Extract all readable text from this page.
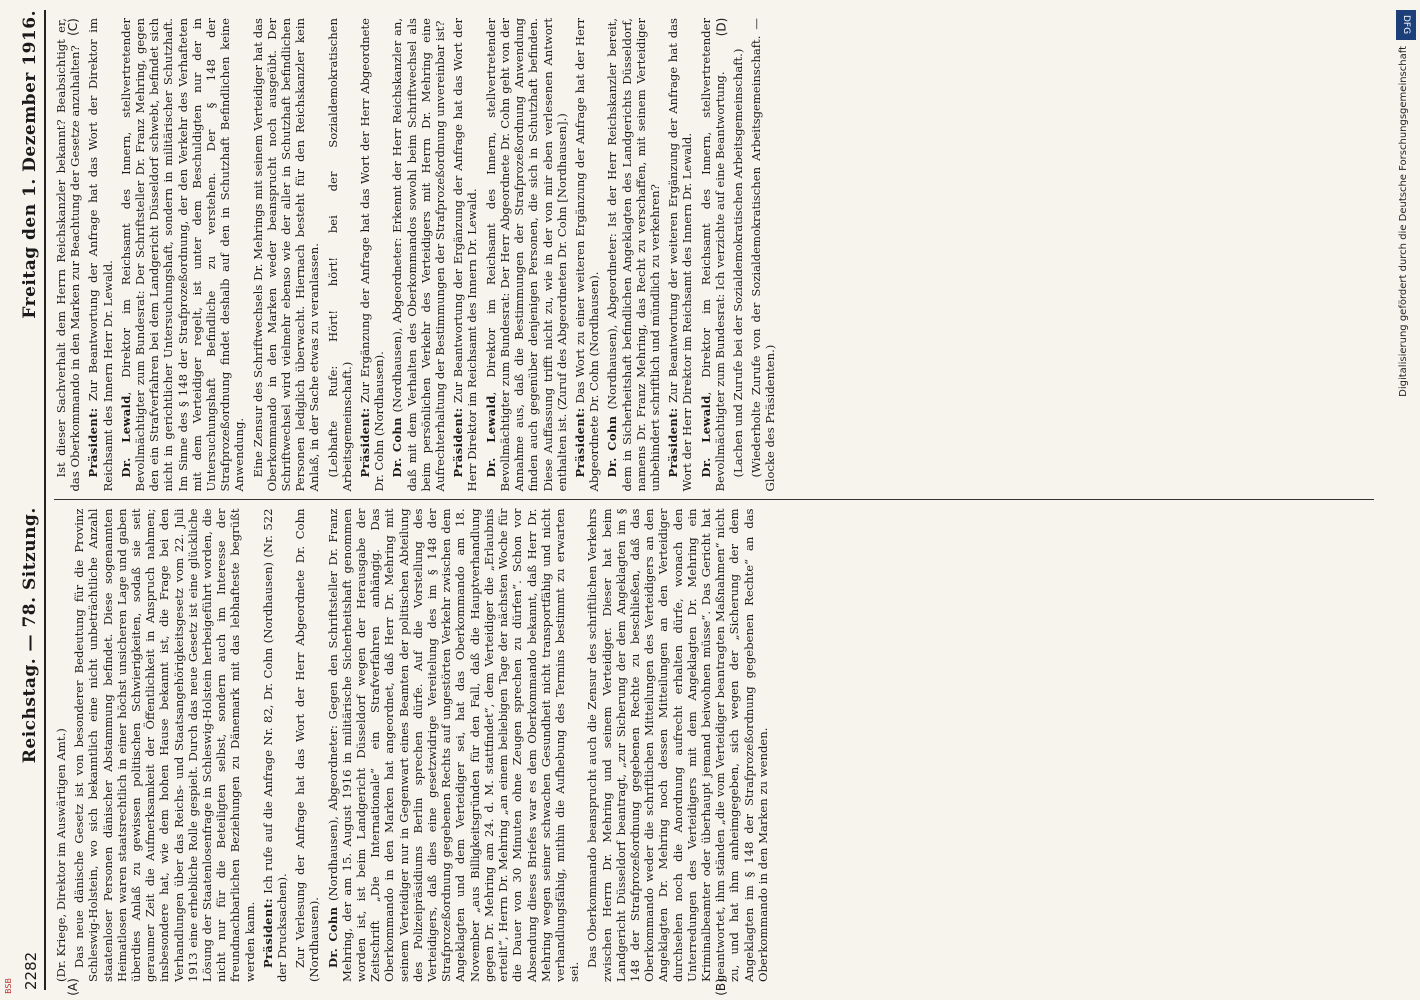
2282
Reichstag. — 78. Sitzung.
Freitag den 1. Dezember 1916.

(Dr. Kriege, Direktor im Auswärtigen Amt.) Das neue dänische Gesetz ist von besonderer Bedeutung für die Provinz Schleswig-Holstein, wo sich bekanntlich eine nicht unbeträchtliche Anzahl staatenloser Personen dänischer Abstammung befindet. Diese sogenannten Heimatlosen waren staatsrechtlich in einer höchst unsicheren Lage und gaben überdies Anlaß zu gewissen politischen Schwierigkeiten, sodaß sie seit geraumer Zeit die Aufmerksamkeit der Öffentlichkeit in Anspruch nahmen; insbesondere hat, wie dem hohen Hause bekannt ist, die Frage bei den Verhandlungen über das Reichs- und Staatsangehörigkeitsgesetz vom 22. Juli 1913 eine erhebliche Rolle gespielt. Durch das neue Gesetz ist eine glückliche Lösung der Staatenlosenfrage in Schleswig-Holstein herbeigeführt worden, die nicht nur für die Beteiligten selbst, sondern auch im Interesse der freundnachbarlichen Beziehungen zu Dänemark mit das lebhafteste begrüßt werden kann. Präsident: Ich rufe auf die Anfrage Nr. 82, Dr. Cohn (Nordhausen) (Nr. 522 der Drucksachen). Zur Verlesung der Anfrage hat das Wort der Herr Abgeordnete Dr. Cohn (Nordhausen). Dr. Cohn (Nordhausen), Abgeordneter: Gegen den Schriftsteller Dr. Franz Mehring, der am 15. August 1916 in militärische Sicherheitshaft genommen worden ist, ist beim Landgericht Düsseldorf wegen der Herausgabe der Zeitschrift „Die Internationale“ ein Strafverfahren anhängig. Das Oberkommando in den Marken hat angeordnet, daß Herr Dr. Mehring mit seinem Verteidiger nur in Gegenwart eines Beamten der politischen Abteilung des Polizeipräsidiums Berlin sprechen dürfe. Auf die Vorstellung des Verteidigers, daß dies eine gesetzwidrige Vereitelung des im § 148 der Strafprozeßordnung gegebenen Rechts auf ungestörten Verkehr zwischen dem Angeklagten und dem Verteidiger sei, hat das Oberkommando am 18. November „aus Billigkeitsgründen für den Fall, daß die Hauptverhandlung gegen Dr. Mehring am 24. d. M. stattfindet“, dem Verteidiger die „Erlaubnis erteilt“, Herrn Dr. Mehring „an einem beliebigen Tage der nächsten Woche für die Dauer von 30 Minuten ohne Zeugen sprechen zu dürfen“. Schon vor Absendung dieses Briefes war es dem Oberkommando bekannt, daß Herr Dr. Mehring wegen seiner schwachen Gesundheit nicht transportfähig und nicht verhandlungsfähig, mithin die Aufhebung des Termins bestimmt zu erwarten sei.

Das Oberkommando beansprucht auch die Zensur des schriftlichen Verkehrs zwischen Herrn Dr. Mehring und seinem Verteidiger. Dieser hat beim Landgericht Düsseldorf beantragt, „zur Sicherung der dem Angeklagten im § 148 der Strafprozeßordnung gegebenen Rechte zu beschließen, daß das Oberkommando weder die schriftlichen Mitteilungen des Verteidigers an den Angeklagten Dr. Mehring noch dessen Mitteilungen an den Verteidiger durchsehen noch die Anordnung aufrecht erhalten dürfe, wonach den Unterredungen des Verteidigers mit dem Angeklagten Dr. Mehring ein Kriminalbeamter oder überhaupt jemand beiwohnen müsse“. Das Gericht hat geantwortet, ihm ständen „die vom Verteidiger beantragten Maßnahmen“ nicht zu, und hat ihm anheimgegeben, sich wegen der „Sicherung der dem Angeklagten im § 148 der Strafprozeßordnung gegebenen Rechte“ an das Oberkommando in den Marken zu wenden.

Ist dieser Sachverhalt dem Herrn Reichskanzler bekannt? Beabsichtigt er, das Oberkommando in den Marken zur Beachtung der Gesetze anzuhalten? Präsident: Zur Beantwortung der Anfrage hat das Wort der Direktor im Reichsamt des Innern Herr Dr. Lewald. Dr. Lewald, Direktor im Reichsamt des Innern, stellvertretender Bevollmächtigter zum Bundesrat: Der Schriftsteller Dr. Franz Mehring, gegen den ein Strafverfahren bei dem Landgericht Düsseldorf schwebt, befindet sich nicht in gerichtlicher Untersuchungshaft, sondern in militärischer Schutzhaft. Im Sinne des § 148 der Strafprozeßordnung, der den Verkehr des Verhafteten mit dem Verteidiger regelt, ist unter dem Beschuldigten nur der in Untersuchungshaft Befindliche zu verstehen. Der § 148 der Strafprozeßordnung findet deshalb auf den in Schutzhaft Befindlichen keine Anwendung. Eine Zensur des Schriftwechsels Dr. Mehrings mit seinem Verteidiger hat das Oberkommando in den Marken weder beansprucht noch ausgeübt. Der Schriftwechsel wird vielmehr ebenso wie der aller in Schutzhaft befindlichen Personen lediglich überwacht. Hiernach besteht für den Reichskanzler kein Anlaß, in der Sache etwas zu veranlassen. (Lebhafte Rufe: Hört! hört! bei der Sozialdemokratischen Arbeitsgemeinschaft.) Präsident: Zur Ergänzung der Anfrage hat das Wort der Herr Abgeordnete Dr. Cohn (Nordhausen). Dr. Cohn (Nordhausen), Abgeordneter: Erkennt der Herr Reichskanzler an, daß mit dem Verhalten des Oberkommandos sowohl beim Schriftwechsel als beim persönlichen Verkehr des Verteidigers mit Herrn Dr. Mehring eine Aufrechterhaltung der Bestimmungen der Strafprozeßordnung unvereinbar ist? Präsident: Zur Beantwortung der Ergänzung der Anfrage hat das Wort der Herr Direktor im Reichsamt des Innern Dr. Lewald. Dr. Lewald, Direktor im Reichsamt des Innern, stellvertretender Bevollmächtigter zum Bundesrat: Der Herr Abgeordnete Dr. Cohn geht von der Annahme aus, daß die Bestimmungen der Strafprozeßordnung Anwendung finden auch gegenüber denjenigen Personen, die sich in Schutzhaft befinden. Diese Auffassung trifft nicht zu, wie in der von mir eben verlesenen Antwort enthalten ist. (Zuruf des Abgeordneten Dr. Cohn [Nordhausen].) Präsident: Das Wort zu einer weiteren Ergänzung der Anfrage hat der Herr Abgeordnete Dr. Cohn (Nordhausen). Dr. Cohn (Nordhausen), Abgeordneter: Ist der Herr Reichskanzler bereit, dem in Sicherheitshaft befindlichen Angeklagten des Landgerichts Düsseldorf, namens Dr. Franz Mehring, das Recht zu verschaffen, mit seinem Verteidiger unbehindert schriftlich und mündlich zu verkehren? Präsident: Zur Beantwortung der weiteren Ergänzung der Anfrage hat das Wort der Herr Direktor im Reichsamt des Innern Dr. Lewald. Dr. Lewald, Direktor im Reichsamt des Innern, stellvertretender Bevollmächtigter zum Bundesrat: Ich verzichte auf eine Beantwortung. (Lachen und Zurufe bei der Sozialdemokratischen Arbeitsgemeinschaft.) (Wiederholte Zurufe von der Sozialdemokratischen Arbeitsgemeinschaft. — Glocke des Präsidenten.)

(A)	(B)
(C)	(D)	DFG
Digitalisierung gefördert durch die Deutsche Forschungsgemeinschaft
BSB
